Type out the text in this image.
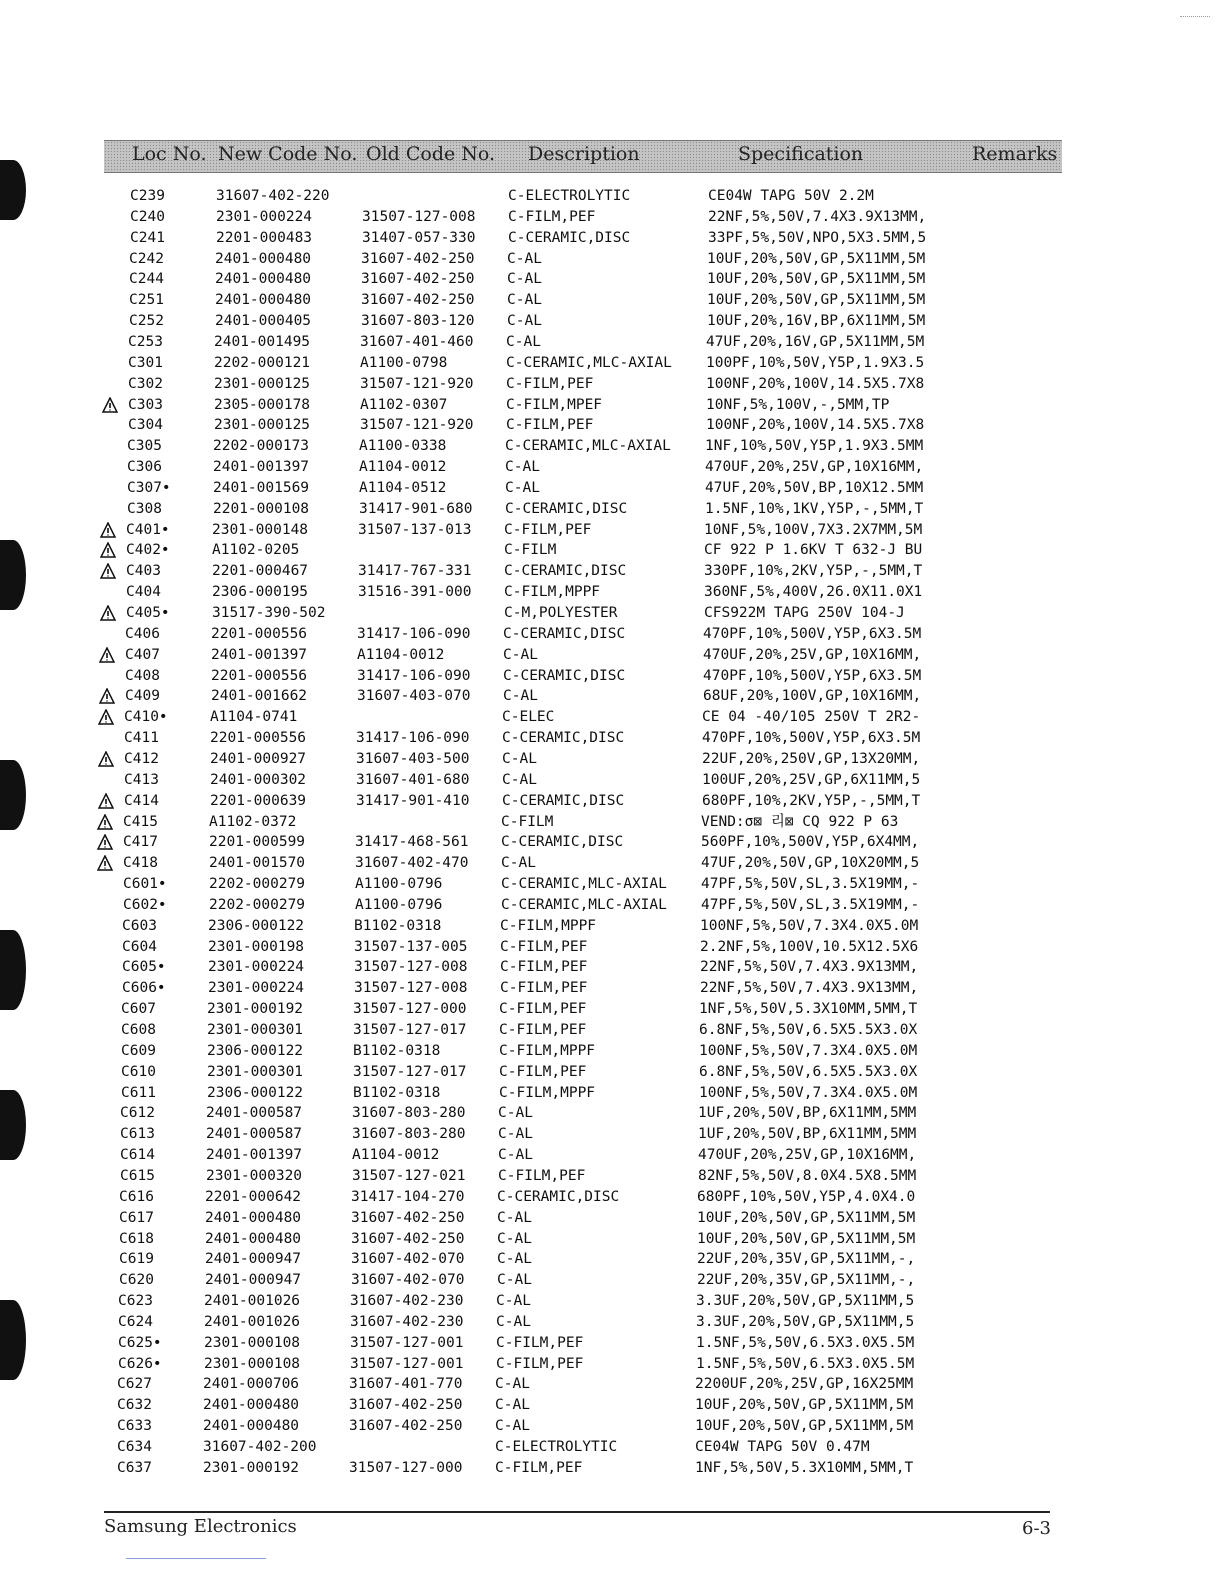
Loc No. New Code No. Old Code No. Description	Specification	Remarks
C239	31607-402-220	C-ELECTROLYTIC	CE04W TAPG 50V 2.2M
C240	2301-000224	31507-127-008 C-FILM,PEF	22NF,5%,50V,7.4X3.9X13MM,
C241	2201-000483	31407-057-330 C-CERAMIC,DISC	33PF,5%,50V,NPO,5X3.5MM,5
C242	2401-000480	31607-402-250 C-AL	10UF,20%,50V,GP,5X11MM,5M
C244	2401-000480	31607-402-250 C-AL	10UF,20%,50V,GP,5X11MM,5M
C251	2401-000480	31607-402-250 C-AL	10UF,20%,50V,GP,5X11MM,5M
C252	2401-000405	31607-803-120 C-AL	10UF,20%,16V,BP,6X11MM,5M
C253	2401-001495	31607-401-460 C-AL	47UF,20%,16V,GP,5X11MM,5M
C301	2202-000121	A1100-0798	C-CERAMIC,MLC-AXIAL 100PF,10%,50V,Y5P,1.9X3.5
C302	2301-000125	31507-121-920 C-FILM,PEF	100NF,20%,100V,14.5X5.7X8
C303	2305-000178	A1102-0307	C-FILM,MPEF	10NF,5%,100V,-,5MM,TP
C304	2301-000125	31507-121-920 C-FILM,PEF	100NF,20%,100V,14.5X5.7X8
C305	2202-000173	A1100-0338	C-CERAMIC,MLC-AXIAL 1NF,10%,50V,Y5P,1.9X3.5MM
C306	2401-001397	A1104-0012	C-AL	470UF,20%,25V,GP,10X16MM,
C307•	2401-001569	A1104-0512	C-AL	47UF,20%,50V,BP,10X12.5MM
C308	2201-000108	31417-901-680 C-CERAMIC,DISC	1.5NF,10%,1KV,Y5P,-,5MM,T
C401•	2301-000148	31507-137-013 C-FILM,PEF	10NF,5%,100V,7X3.2X7MM,5M
C402•	A1102-0205	C-FILM	CF 922 P 1.6KV T 632-J BU
C403	2201-000467	31417-767-331 C-CERAMIC,DISC	330PF,10%,2KV,Y5P,-,5MM,T
C404	2306-000195	31516-391-000 C-FILM,MPPF	360NF,5%,400V,26.0X11.0X1
C405•	31517-390-502	C-M,POLYESTER	CFS922M TAPG 250V 104-J
C406	2201-000556	31417-106-090 C-CERAMIC,DISC	470PF,10%,500V,Y5P,6X3.5M
C407	2401-001397	A1104-0012	C-AL	470UF,20%,25V,GP,10X16MM,
C408	2201-000556	31417-106-090 C-CERAMIC,DISC	470PF,10%,500V,Y5P,6X3.5M
C409	2401-001662	31607-403-070 C-AL	68UF,20%,100V,GP,10X16MM,
C410•	A1104-0741	C-ELEC	CE 04 -40/105 250V T 2R2-
C411	2201-000556	31417-106-090 C-CERAMIC,DISC	470PF,10%,500V,Y5P,6X3.5M
C412	2401-000927	31607-403-500 C-AL	22UF,20%,250V,GP,13X20MM,
C413	2401-000302	31607-401-680 C-AL	100UF,20%,25V,GP,6X11MM,5
C414	2201-000639	31417-901-410 C-CERAMIC,DISC	680PF,10%,2KV,Y5P,-,5MM,T
C415	A1102-0372	C-FILM	VEND:σ⊠ 리⊠ CQ 922 P 63
C417	2201-000599	31417-468-561 C-CERAMIC,DISC	560PF,10%,500V,Y5P,6X4MM,
C418	2401-001570	31607-402-470 C-AL	47UF,20%,50V,GP,10X20MM,5
C601•	2202-000279	A1100-0796	C-CERAMIC,MLC-AXIAL 47PF,5%,50V,SL,3.5X19MM,-
C602•	2202-000279	A1100-0796	C-CERAMIC,MLC-AXIAL 47PF,5%,50V,SL,3.5X19MM,-
C603	2306-000122	B1102-0318	C-FILM,MPPF	100NF,5%,50V,7.3X4.0X5.0M
C604	2301-000198	31507-137-005 C-FILM,PEF	2.2NF,5%,100V,10.5X12.5X6
C605•	2301-000224	31507-127-008 C-FILM,PEF	22NF,5%,50V,7.4X3.9X13MM,
C606•	2301-000224	31507-127-008 C-FILM,PEF	22NF,5%,50V,7.4X3.9X13MM,
C607	2301-000192	31507-127-000 C-FILM,PEF	1NF,5%,50V,5.3X10MM,5MM,T
C608	2301-000301	31507-127-017 C-FILM,PEF	6.8NF,5%,50V,6.5X5.5X3.0X
C609	2306-000122	B1102-0318	C-FILM,MPPF	100NF,5%,50V,7.3X4.0X5.0M
C610	2301-000301	31507-127-017 C-FILM,PEF	6.8NF,5%,50V,6.5X5.5X3.0X
C611	2306-000122	B1102-0318	C-FILM,MPPF	100NF,5%,50V,7.3X4.0X5.0M
C612	2401-000587	31607-803-280 C-AL	1UF,20%,50V,BP,6X11MM,5MM
C613	2401-000587	31607-803-280 C-AL	1UF,20%,50V,BP,6X11MM,5MM
C614	2401-001397	A1104-0012	C-AL	470UF,20%,25V,GP,10X16MM,
C615	2301-000320	31507-127-021 C-FILM,PEF	82NF,5%,50V,8.0X4.5X8.5MM
C616	2201-000642	31417-104-270 C-CERAMIC,DISC	680PF,10%,50V,Y5P,4.0X4.0
C617	2401-000480	31607-402-250 C-AL	10UF,20%,50V,GP,5X11MM,5M
C618	2401-000480	31607-402-250 C-AL	10UF,20%,50V,GP,5X11MM,5M
C619	2401-000947	31607-402-070 C-AL	22UF,20%,35V,GP,5X11MM,-,
C620	2401-000947	31607-402-070 C-AL	22UF,20%,35V,GP,5X11MM,-,
C623	2401-001026	31607-402-230 C-AL	3.3UF,20%,50V,GP,5X11MM,5
C624	2401-001026	31607-402-230 C-AL	3.3UF,20%,50V,GP,5X11MM,5
C625•	2301-000108	31507-127-001 C-FILM,PEF	1.5NF,5%,50V,6.5X3.0X5.5M
C626•	2301-000108	31507-127-001 C-FILM,PEF	1.5NF,5%,50V,6.5X3.0X5.5M
C627	2401-000706	31607-401-770 C-AL	2200UF,20%,25V,GP,16X25MM
C632	2401-000480	31607-402-250 C-AL	10UF,20%,50V,GP,5X11MM,5M
C633	2401-000480	31607-402-250 C-AL	10UF,20%,50V,GP,5X11MM,5M
C634	31607-402-200	C-ELECTROLYTIC	CE04W TAPG 50V 0.47M
C637	2301-000192	31507-127-000 C-FILM,PEF	1NF,5%,50V,5.3X10MM,5MM,T
Samsung Electronics	6-3
